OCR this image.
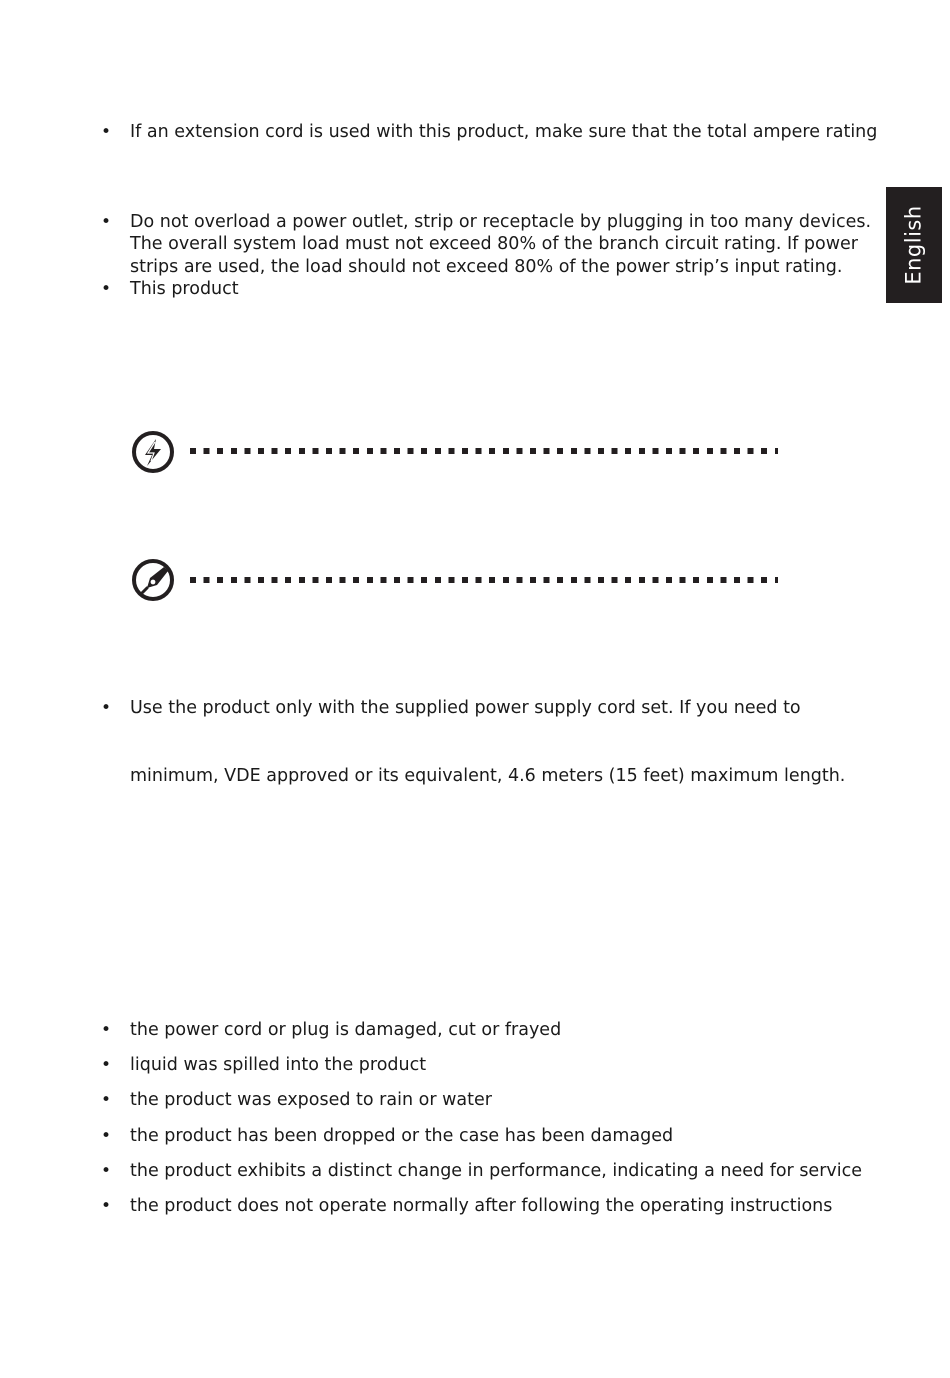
English
• If an extension cord is used with this product, make sure that the total ampere rating
• Do not overload a power outlet, strip or receptacle by plugging in too many devices.
The overall system load must not exceed 80% of the branch circuit rating. If power
strips are used, the load should not exceed 80% of the power strip’s input rating.
• This product
• Use the product only with the supplied power supply cord set. If you need to
minimum, VDE approved or its equivalent, 4.6 meters (15 feet) maximum length.
• the power cord or plug is damaged, cut or frayed
• liquid was spilled into the product
• the product was exposed to rain or water
• the product has been dropped or the case has been damaged
• the product exhibits a distinct change in performance, indicating a need for service
• the product does not operate normally after following the operating instructions
